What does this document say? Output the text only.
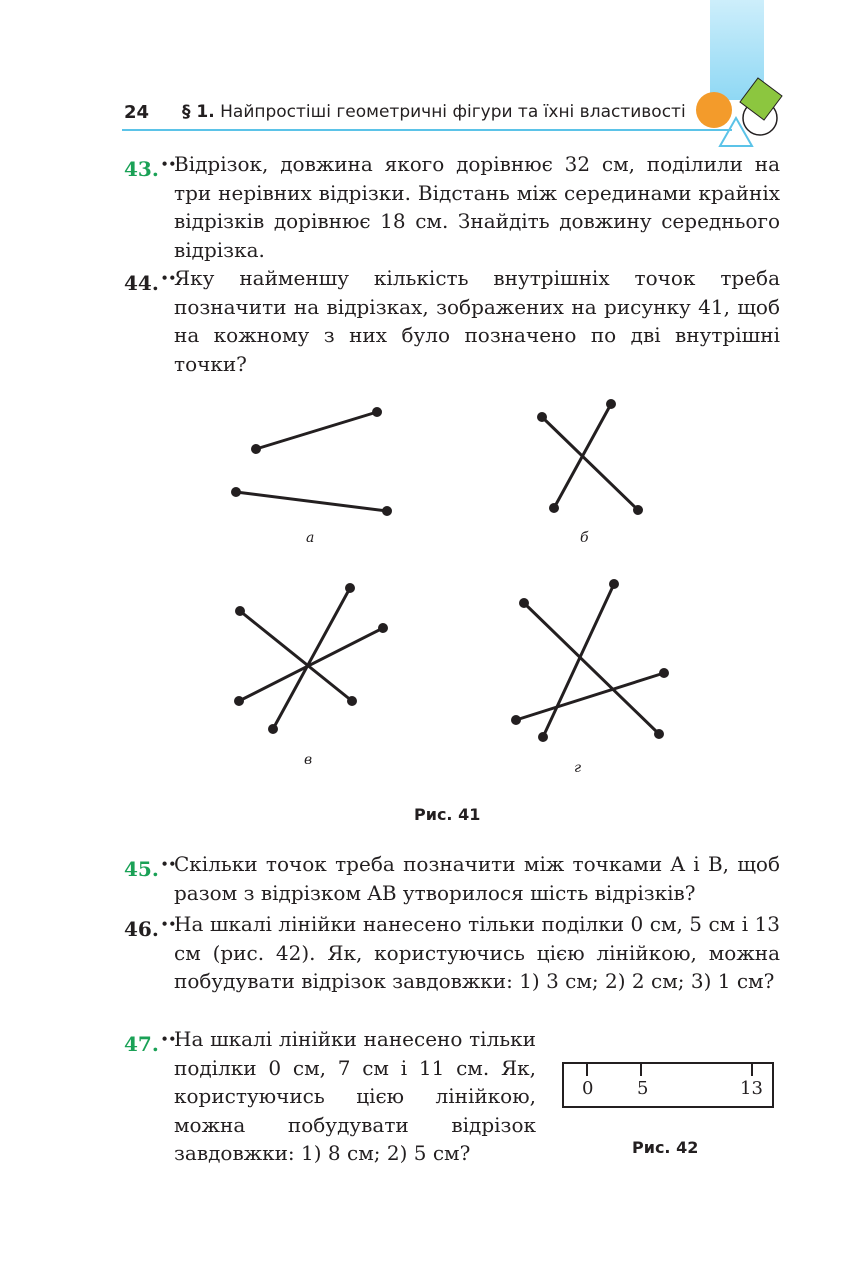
24 § 1. Найпростіші геометричні фігури та їхні властивості
43. ••
Відрізок, довжина якого дорівнює 32 см, поділили на три нерівних відрізки. Відстань між серединами крайніх відрізків дорівнює 18 см. Знайдіть довжину середнього відрізка.
44. ••
Яку найменшу кількість внутрішніх точок треба позначити на відрізках, зображених на рисунку 41, щоб на кожному з них було позначено по дві внутрішні точки?
а	б
в	г
Рис. 41
45. ••
Скільки точок треба позначити між точками A і B, щоб разом з відрізком AB утворилося шість відрізків?
46. ••
На шкалі лінійки нанесено тільки поділки 0 см, 5 см і 13 см (рис. 42). Як, користуючись цією лінійкою, можна побудувати відрізок завдовжки: 1) 3 см; 2) 2 см; 3) 1 см?
47. ••
На шкалі лінійки нанесено тільки поділки 0 см, 7 см і 11 см. Як, користуючись цією лінійкою, можна побудувати відрізок завдовжки: 1) 8 см; 2) 5 см?
0 5	13
Рис. 42
